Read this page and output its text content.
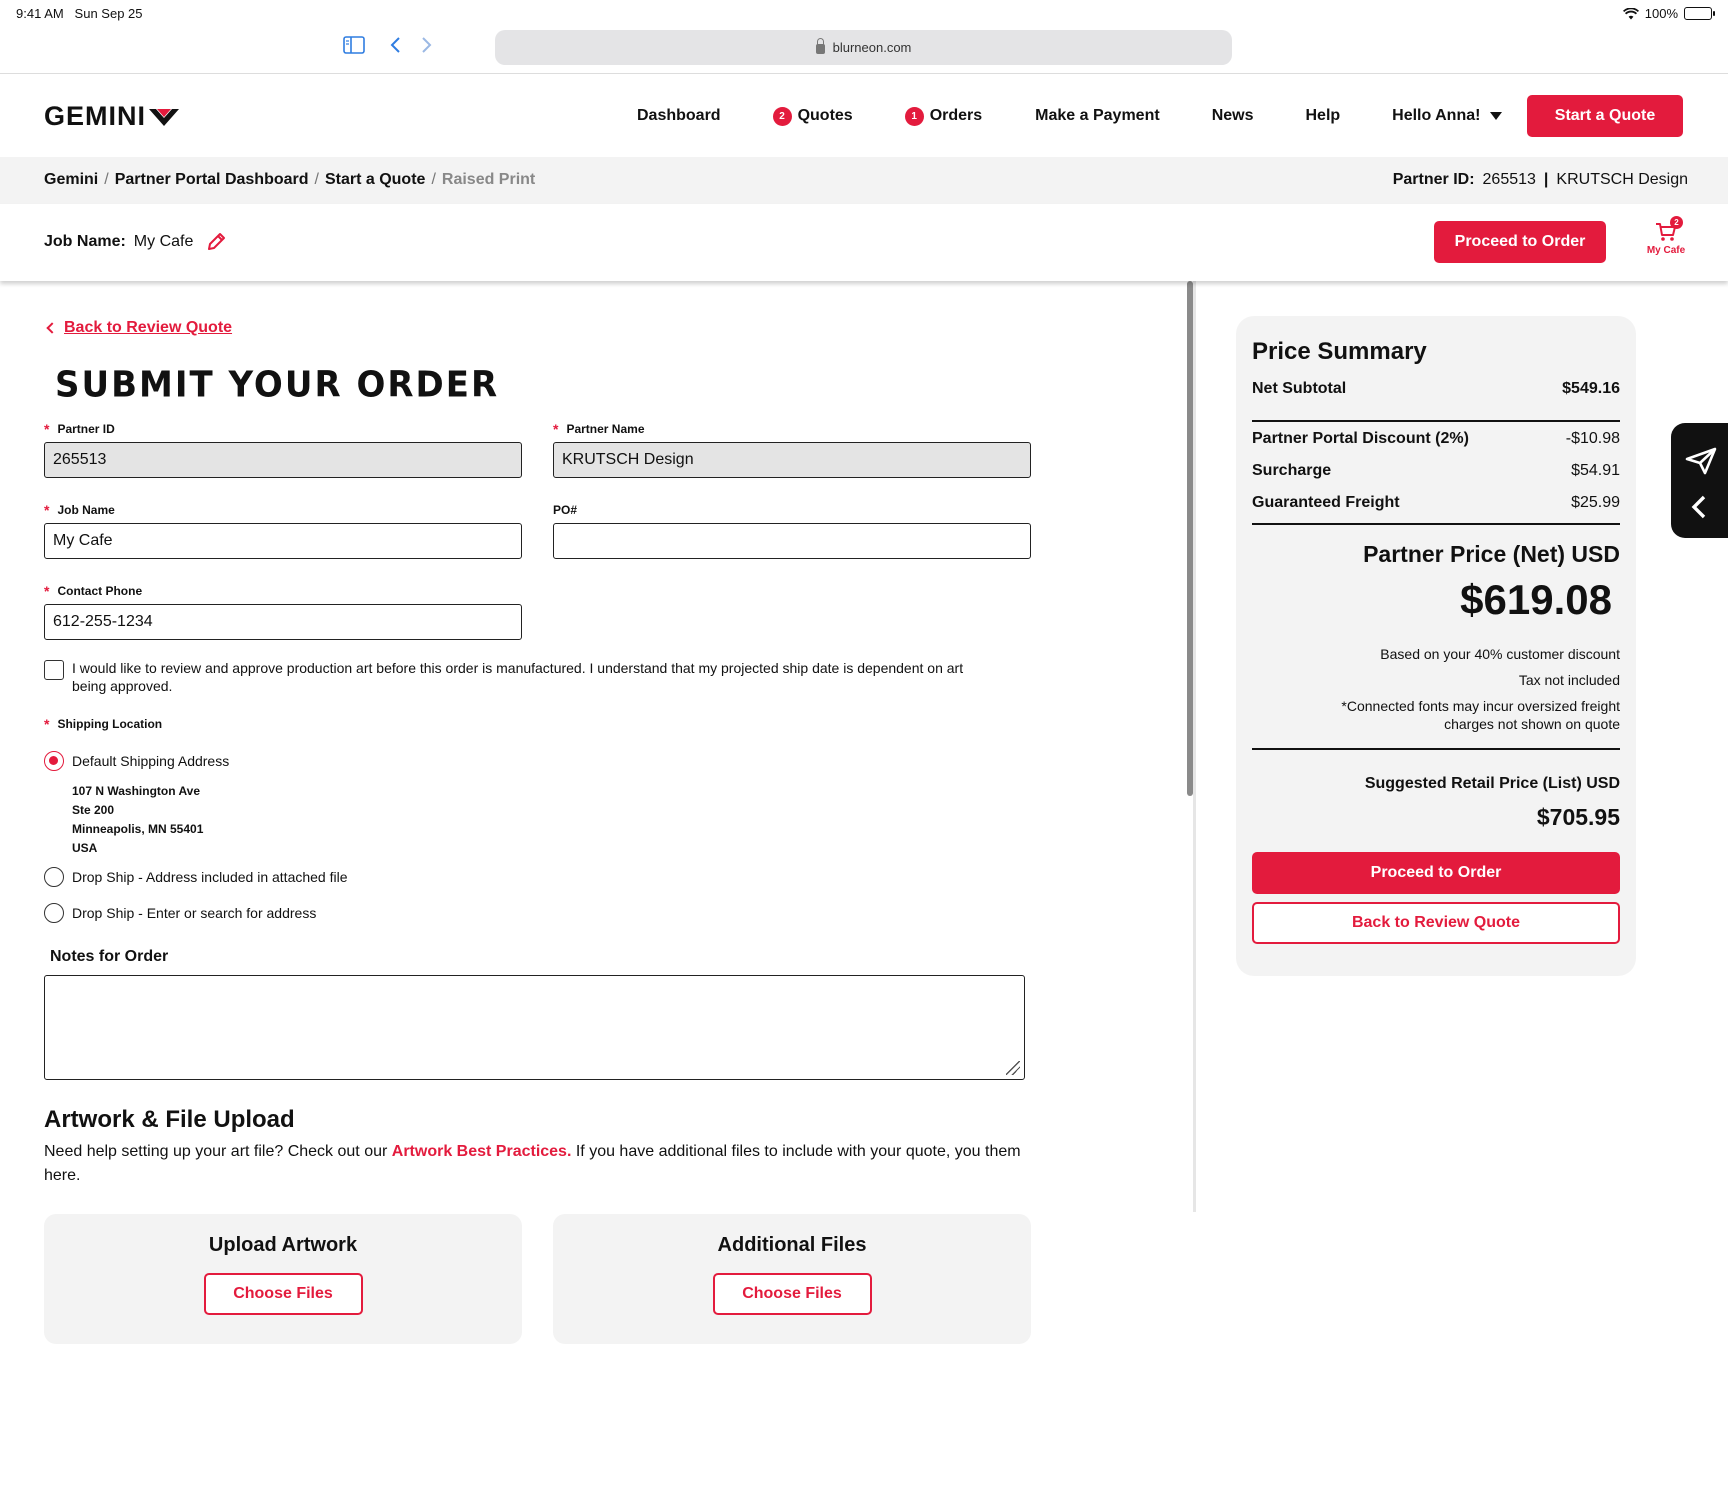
9:41 AM Sun Sep 25	100%
blurneon.com
GEMINI	Dashboard	2 Quotes	1 Orders	Make a Payment	News	Help	Hello Anna!	Start a Quote
Gemini / Partner Portal Dashboard / Start a Quote / Raised Print	Partner ID: 265513 | KRUTSCH Design
Job Name: My Cafe	Proceed to Order
2
My Cafe
Back to Review Quote
SUBMIT YOUR ORDER
* Partner ID
265513	* Partner Name
KRUTSCH Design
* Job Name
My Cafe	PO#
* Contact Phone
612-255-1234
I would like to review and approve production art before this order is manufactured. I understand that my projected ship date is dependent on art being approved.
* Shipping Location
Default Shipping Address
107 N Washington Ave
Ste 200
Minneapolis, MN 55401
USA
Drop Ship - Address included in attached file
Drop Ship - Enter or search for address
Notes for Order
Artwork & File Upload

Need help setting up your art file? Check out our Artwork Best Practices. If you have additional files to include with your quote, you them here.

Upload Artwork
Choose Files
Additional Files
Choose Files
Price Summary
Net Subtotal	$549.16
Partner Portal Discount (2%)	-$10.98
Surcharge	$54.91
Guaranteed Freight	$25.99
Partner Price (Net) USD
$619.08
Based on your 40% customer discount
Tax not included
*Connected fonts may incur oversized freight
charges not shown on quote
Suggested Retail Price (List) USD
$705.95
Proceed to Order
Back to Review Quote
